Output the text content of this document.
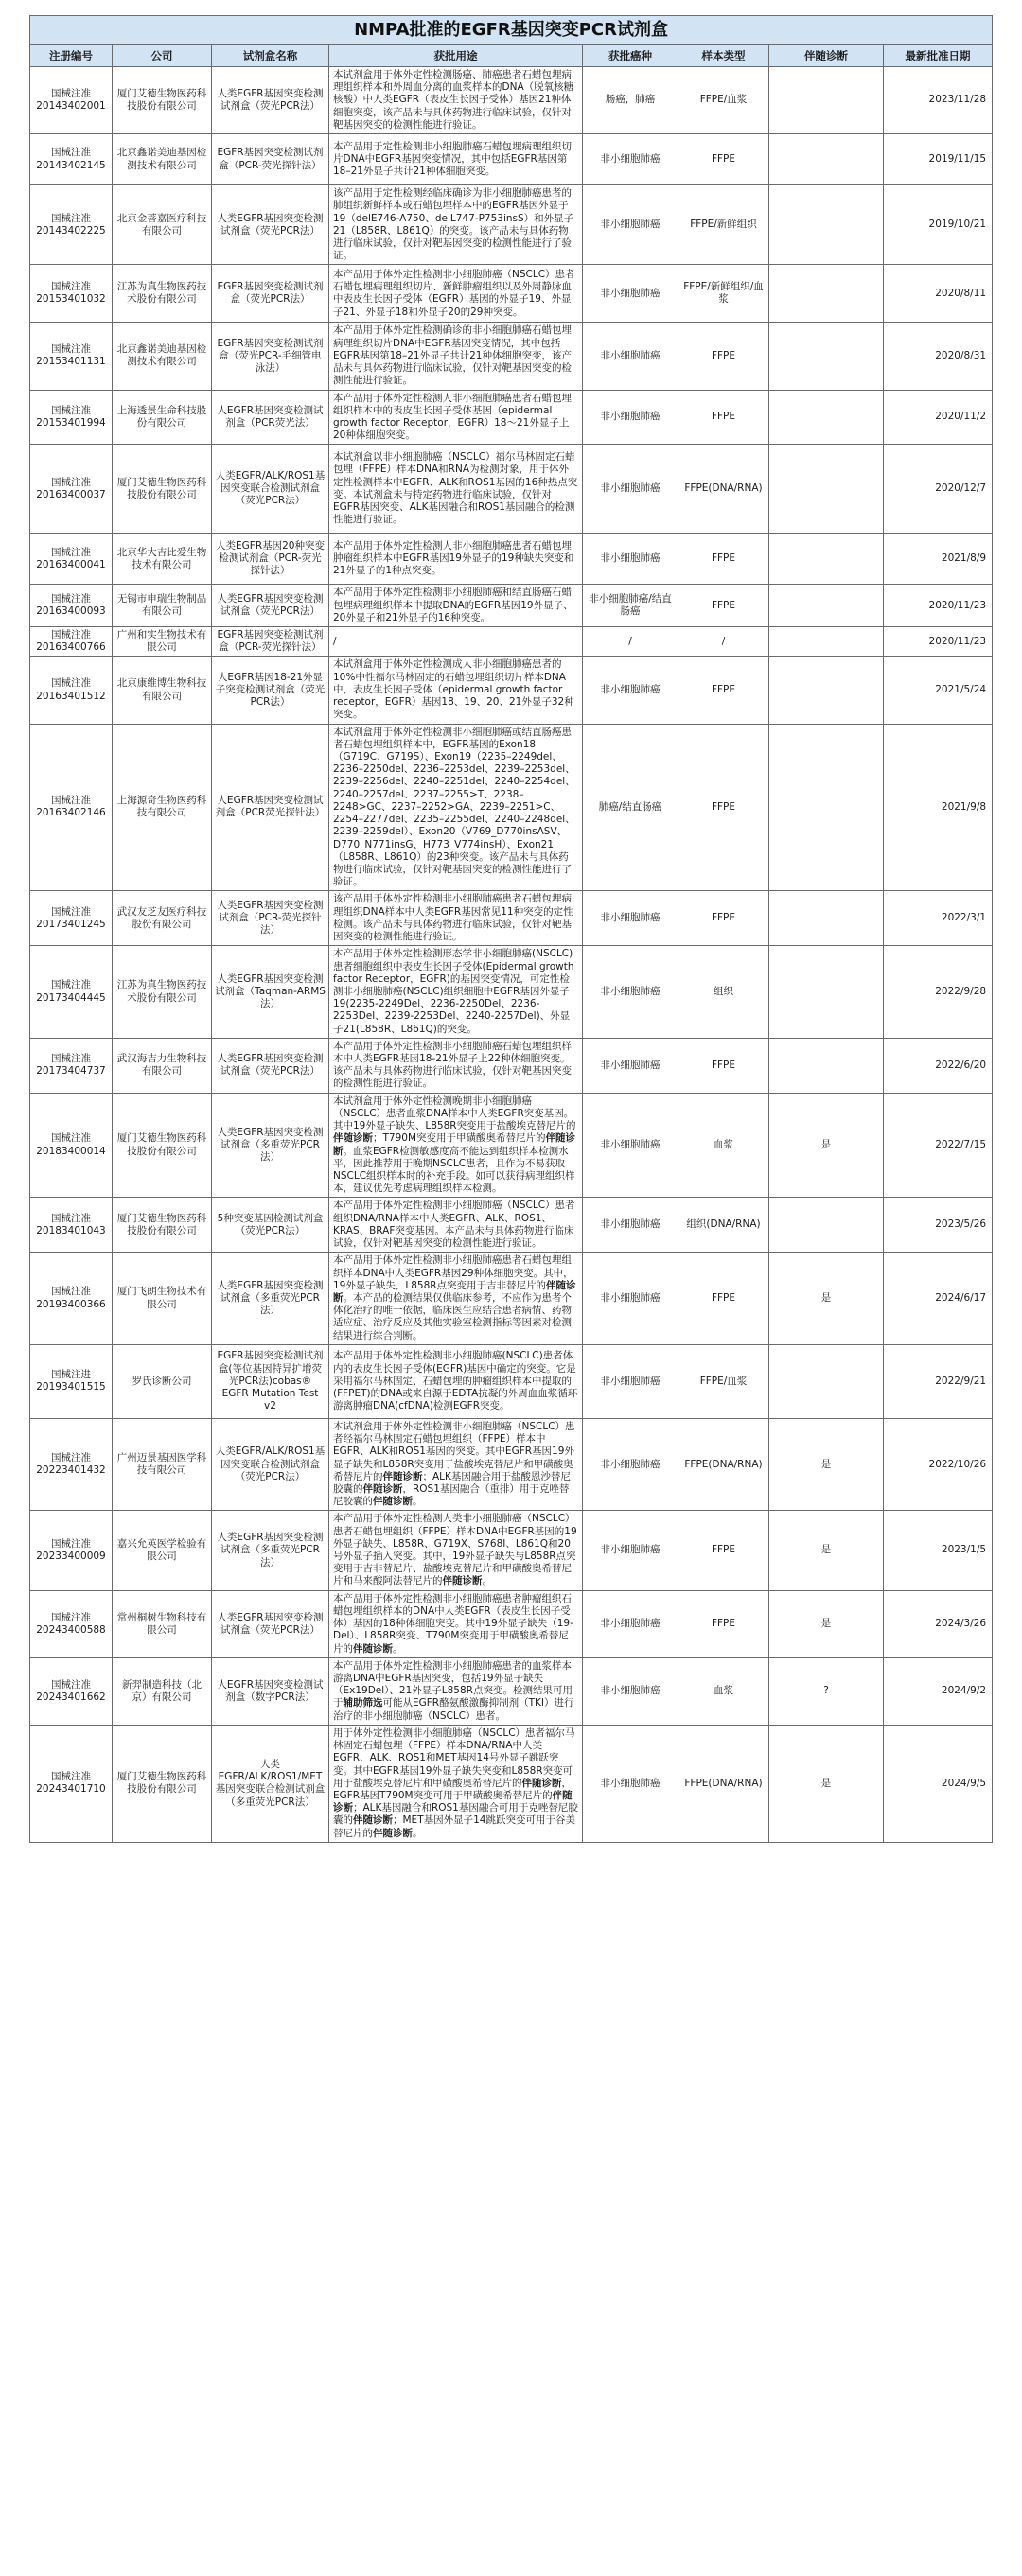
NMPA批准的EGFR基因突变PCR试剂盒							
注册编号	公司	试剂盒名称	获批用途	获批癌种	样本类型	伴随诊断	最新批准日期
国械注准20143402001	厦门艾德生物医药科技股份有限公司	人类EGFR基因突变检测试剂盒（荧光PCR法）	本试剂盒用于体外定性检测肠癌、肺癌患者石蜡包埋病理组织样本和外周血分离的血浆样本的DNA（脱氧核糖核酸）中人类EGFR（表皮生长因子受体）基因21种体细胞突变，该产品未与具体药物进行临床试验，仅针对靶基因突变的检测性能进行验证。	肠癌，肺癌	FFPE/血浆		2023/11/28
国械注准20143402145	北京鑫诺美迪基因检测技术有限公司	EGFR基因突变检测试剂盒（PCR-荧光探针法）	本产品用于定性检测非小细胞肺癌石蜡包埋病理组织切片DNA中EGFR基因突变情况，其中包括EGFR基因第18–21外显子共计21种体细胞突变。	非小细胞肺癌	FFPE		2019/11/15
国械注准20143402225	北京金菩嘉医疗科技有限公司	人类EGFR基因突变检测试剂盒（荧光PCR法）	该产品用于定性检测经临床确诊为非小细胞肺癌患者的肺组织新鲜样本或石蜡包埋样本中的EGFR基因外显子19（delE746-A750、delL747-P753insS）和外显子21（L858R、L861Q）的突变。该产品未与具体药物进行临床试验，仅针对靶基因突变的检测性能进行了验证。	非小细胞肺癌	FFPE/新鲜组织		2019/10/21
国械注准20153401032	江苏为真生物医药技术股份有限公司	EGFR基因突变检测试剂盒（荧光PCR法）	本产品用于体外定性检测非小细胞肺癌（NSCLC）患者石蜡包埋病理组织切片、新鲜肿瘤组织以及外周静脉血中表皮生长因子受体（EGFR）基因的外显子19、外显子21、外显子18和外显子20的29种突变。	非小细胞肺癌	FFPE/新鲜组织/血浆		2020/8/11
国械注准20153401131	北京鑫诺美迪基因检测技术有限公司	EGFR基因突变检测试剂盒（荧光PCR-毛细管电泳法）	本产品用于体外定性检测确诊的非小细胞肺癌石蜡包埋病理组织切片DNA中EGFR基因突变情况，其中包括EGFR基因第18–21外显子共计21种体细胞突变，该产品未与具体药物进行临床试验，仅针对靶基因突变的检测性能进行验证。	非小细胞肺癌	FFPE		2020/8/31
国械注准20153401994	上海透景生命科技股份有限公司	人EGFR基因突变检测试剂盒（PCR荧光法）	本产品用于体外定性检测人非小细胞肺癌患者石蜡包埋组织样本中的表皮生长因子受体基因（epidermal growth factor Receptor，EGFR）18～21外显子上20种体细胞突变。	非小细胞肺癌	FFPE		2020/11/2
国械注准20163400037	厦门艾德生物医药科技股份有限公司	人类EGFR/ALK/ROS1基因突变联合检测试剂盒（荧光PCR法）	本试剂盒以非小细胞肺癌（NSCLC）福尔马林固定石蜡包埋（FFPE）样本DNA和RNA为检测对象，用于体外定性检测样本中EGFR、ALK和ROS1基因的16种热点突变。本试剂盒未与特定药物进行临床试验，仅针对EGFR基因突变、ALK基因融合和ROS1基因融合的检测性能进行验证。	非小细胞肺癌	FFPE(DNA/RNA)		2020/12/7
国械注准20163400041	北京华大吉比爱生物技术有限公司	人类EGFR基因20种突变检测试剂盒（PCR-荧光探针法）	本产品用于体外定性检测人非小细胞肺癌患者石蜡包埋肿瘤组织样本中EGFR基因19外显子的19种缺失突变和21外显子的1种点突变。	非小细胞肺癌	FFPE		2021/8/9
国械注准20163400093	无锡市申瑞生物制品有限公司	人类EGFR基因突变检测试剂盒（荧光PCR法）	本产品用于体外定性检测非小细胞肺癌和结直肠癌石蜡包埋病理组织样本中提取DNA的EGFR基因19外显子、20外显子和21外显子的16种突变。	非小细胞肺癌/结直肠癌	FFPE		2020/11/23
国械注准20163400766	广州和实生物技术有限公司	EGFR基因突变检测试剂盒（PCR-荧光探针法）	/	/	/		2020/11/23
国械注准20163401512	北京康维博生物科技有限公司	人EGFR基因18-21外显子突变检测试剂盒（荧光PCR法）	本试剂盒用于体外定性检测成人非小细胞肺癌患者的10%中性福尔马林固定的石蜡包埋组织切片样本DNA中，表皮生长因子受体（epidermal growth factor receptor，EGFR）基因18、19、20、21外显子32种突变。	非小细胞肺癌	FFPE		2021/5/24
国械注准20163402146	上海源奇生物医药科技有限公司	人EGFR基因突变检测试剂盒（PCR荧光探针法）	本试剂盒用于体外定性检测非小细胞肺癌或结直肠癌患者石蜡包埋组织样本中，EGFR基因的Exon18（G719C、G719S）、Exon19（2235–2249del、2236–2250del、2236–2253del、2239–2253del、2239–2256del、2240–2251del、2240–2254del、2240–2257del、2237–2255>T、2238–2248>GC、2237–2252>GA、2239–2251>C、2254–2277del、2235–2255del、2240–2248del、2239–2259del）、Exon20（V769_D770insASV、D770_N771insG、H773_V774insH）、Exon21（L858R、L861Q）的23种突变。该产品未与具体药物进行临床试验，仅针对靶基因突变的检测性能进行了验证。	肺癌/结直肠癌	FFPE		2021/9/8
国械注准20173401245	武汉友芝友医疗科技股份有限公司	人类EGFR基因突变检测试剂盒（PCR-荧光探针法）	该产品用于体外定性检测非小细胞肺癌患者石蜡包埋病理组织DNA样本中人类EGFR基因常见11种突变的定性检测。该产品未与具体药物进行临床试验，仅针对靶基因突变的检测性能进行验证。	非小细胞肺癌	FFPE		2022/3/1
国械注准20173404445	江苏为真生物医药技术股份有限公司	人类EGFR基因突变检测试剂盒（Taqman-ARMS法）	本产品用于体外定性检测形态学非小细胞肺癌(NSCLC)患者细胞组织中表皮生长因子受体(Epidermal growth factor Receptor，EGFR)的基因突变情况，可定性检测非小细胞肺癌(NSCLC)组织细胞中EGFR基因外显子19(2235-2249Del、2236-2250Del、2236-2253Del、2239-2253Del、2240-2257Del)、外显子21(L858R、L861Q)的突变。	非小细胞肺癌	组织		2022/9/28
国械注准20173404737	武汉海吉力生物科技有限公司	人类EGFR基因突变检测试剂盒（荧光PCR法）	本产品用于体外定性检测非小细胞肺癌石蜡包埋组织样本中人类EGFR基因18-21外显子上22种体细胞突变。该产品未与具体药物进行临床试验，仅针对靶基因突变的检测性能进行验证。	非小细胞肺癌	FFPE		2022/6/20
国械注准20183400014	厦门艾德生物医药科技股份有限公司	人类EGFR基因突变检测试剂盒（多重荧光PCR法）	本试剂盒用于体外定性检测晚期非小细胞肺癌（NSCLC）患者血浆DNA样本中人类EGFR突变基因。其中19外显子缺失、L858R突变用于盐酸埃克替尼片的伴随诊断；T790M突变用于甲磺酸奥希替尼片的伴随诊断。血浆EGFR检测敏感度高不能达到组织样本检测水平，因此推荐用于晚期NSCLC患者，且作为不易获取NSCLC组织样本时的补充手段。如可以获得病理组织样本，建议优先考虑病理组织样本检测。	非小细胞肺癌	血浆	是	2022/7/15
国械注准20183401043	厦门艾德生物医药科技股份有限公司	5种突变基因检测试剂盒（荧光PCR法）	本产品用于体外定性检测非小细胞肺癌（NSCLC）患者组织DNA/RNA样本中人类EGFR、ALK、ROS1、KRAS、BRAF突变基因。本产品未与具体药物进行临床试验，仅针对靶基因突变的检测性能进行验证。	非小细胞肺癌	组织(DNA/RNA)		2023/5/26
国械注准20193400366	厦门飞朗生物技术有限公司	人类EGFR基因突变检测试剂盒（多重荧光PCR法）	本产品用于体外定性检测非小细胞肺癌患者石蜡包埋组织样本DNA中人类EGFR基因29种体细胞突变。其中，19外显子缺失，L858R点突变用于吉非替尼片的伴随诊断。本产品的检测结果仅供临床参考，不应作为患者个体化治疗的唯一依据，临床医生应结合患者病情、药物适应症、治疗反应及其他实验室检测指标等因素对检测结果进行综合判断。	非小细胞肺癌	FFPE	是	2024/6/17
国械注进20193401515	罗氏诊断公司	EGFR基因突变检测试剂盒(等位基因特异扩增荧光PCR法)cobas® EGFR Mutation Test v2	本产品用于体外定性检测非小细胞肺癌(NSCLC)患者体内的表皮生长因子受体(EGFR)基因中确定的突变。它是采用福尔马林固定、石蜡包埋的肿瘤组织样本中提取的(FFPET)的DNA或来自源于EDTA抗凝的外周血血浆循环游离肿瘤DNA(cfDNA)检测EGFR突变。	非小细胞肺癌	FFPE/血浆		2022/9/21
国械注准20223401432	广州迈景基因医学科技有限公司	人类EGFR/ALK/ROS1基因突变联合检测试剂盒（荧光PCR法）	本试剂盒用于体外定性检测非小细胞肺癌（NSCLC）患者经福尔马林固定石蜡包埋组织（FFPE）样本中EGFR、ALK和ROS1基因的突变。其中EGFR基因19外显子缺失和L858R突变用于盐酸埃克替尼片和甲磺酸奥希替尼片的伴随诊断；ALK基因融合用于盐酸恩沙替尼胶囊的伴随诊断，ROS1基因融合（重排）用于克唑替尼胶囊的伴随诊断。	非小细胞肺癌	FFPE(DNA/RNA)	是	2022/10/26
国械注准20233400009	嘉兴允英医学检验有限公司	人类EGFR基因突变检测试剂盒（多重荧光PCR法）	本产品用于体外定性检测人类非小细胞肺癌（NSCLC）患者石蜡包埋组织（FFPE）样本DNA中EGFR基因的19外显子缺失、L858R、G719X、S768I、L861Q和20号外显子插入突变。其中，19外显子缺失与L858R点突变用于吉非替尼片、盐酸埃克替尼片和甲磺酸奥希替尼片和马来酸阿法替尼片的伴随诊断。	非小细胞肺癌	FFPE	是	2023/1/5
国械注准20243400588	常州桐树生物科技有限公司	人类EGFR基因突变检测试剂盒（荧光PCR法）	本产品用于体外定性检测非小细胞肺癌患者肿瘤组织石蜡包埋组织样本的DNA中人类EGFR（表皮生长因子受体）基因的18种体细胞突变。其中19外显子缺失（19-Del）、L858R突变、T790M突变用于甲磺酸奥希替尼片的伴随诊断。	非小细胞肺癌	FFPE	是	2024/3/26
国械注准20243401662	新羿制造科技（北京）有限公司	人EGFR基因突变检测试剂盒（数字PCR法）	本产品用于体外定性检测非小细胞肺癌患者的血浆样本游离DNA中EGFR基因突变，包括19外显子缺失（Ex19Del）、21外显子L858R点突变。检测结果可用于辅助筛选可能从EGFR酪氨酸激酶抑制剂（TKI）进行治疗的非小细胞肺癌（NSCLC）患者。	非小细胞肺癌	血浆	?	2024/9/2
国械注准20243401710	厦门艾德生物医药科技股份有限公司	人类EGFR/ALK/ROS1/MET基因突变联合检测试剂盒（多重荧光PCR法）	用于体外定性检测非小细胞肺癌（NSCLC）患者福尔马林固定石蜡包埋（FFPE）样本DNA/RNA中人类EGFR、ALK、ROS1和MET基因14号外显子跳跃突变。其中EGFR基因19外显子缺失突变和L858R突变可用于盐酸埃克替尼片和甲磺酸奥希替尼片的伴随诊断，EGFR基因T790M突变可用于甲磺酸奥希替尼片的伴随诊断；ALK基因融合和ROS1基因融合可用于克唑替尼胶囊的伴随诊断；MET基因外显子14跳跃突变可用于谷美替尼片的伴随诊断。	非小细胞肺癌	FFPE(DNA/RNA)	是	2024/9/5
